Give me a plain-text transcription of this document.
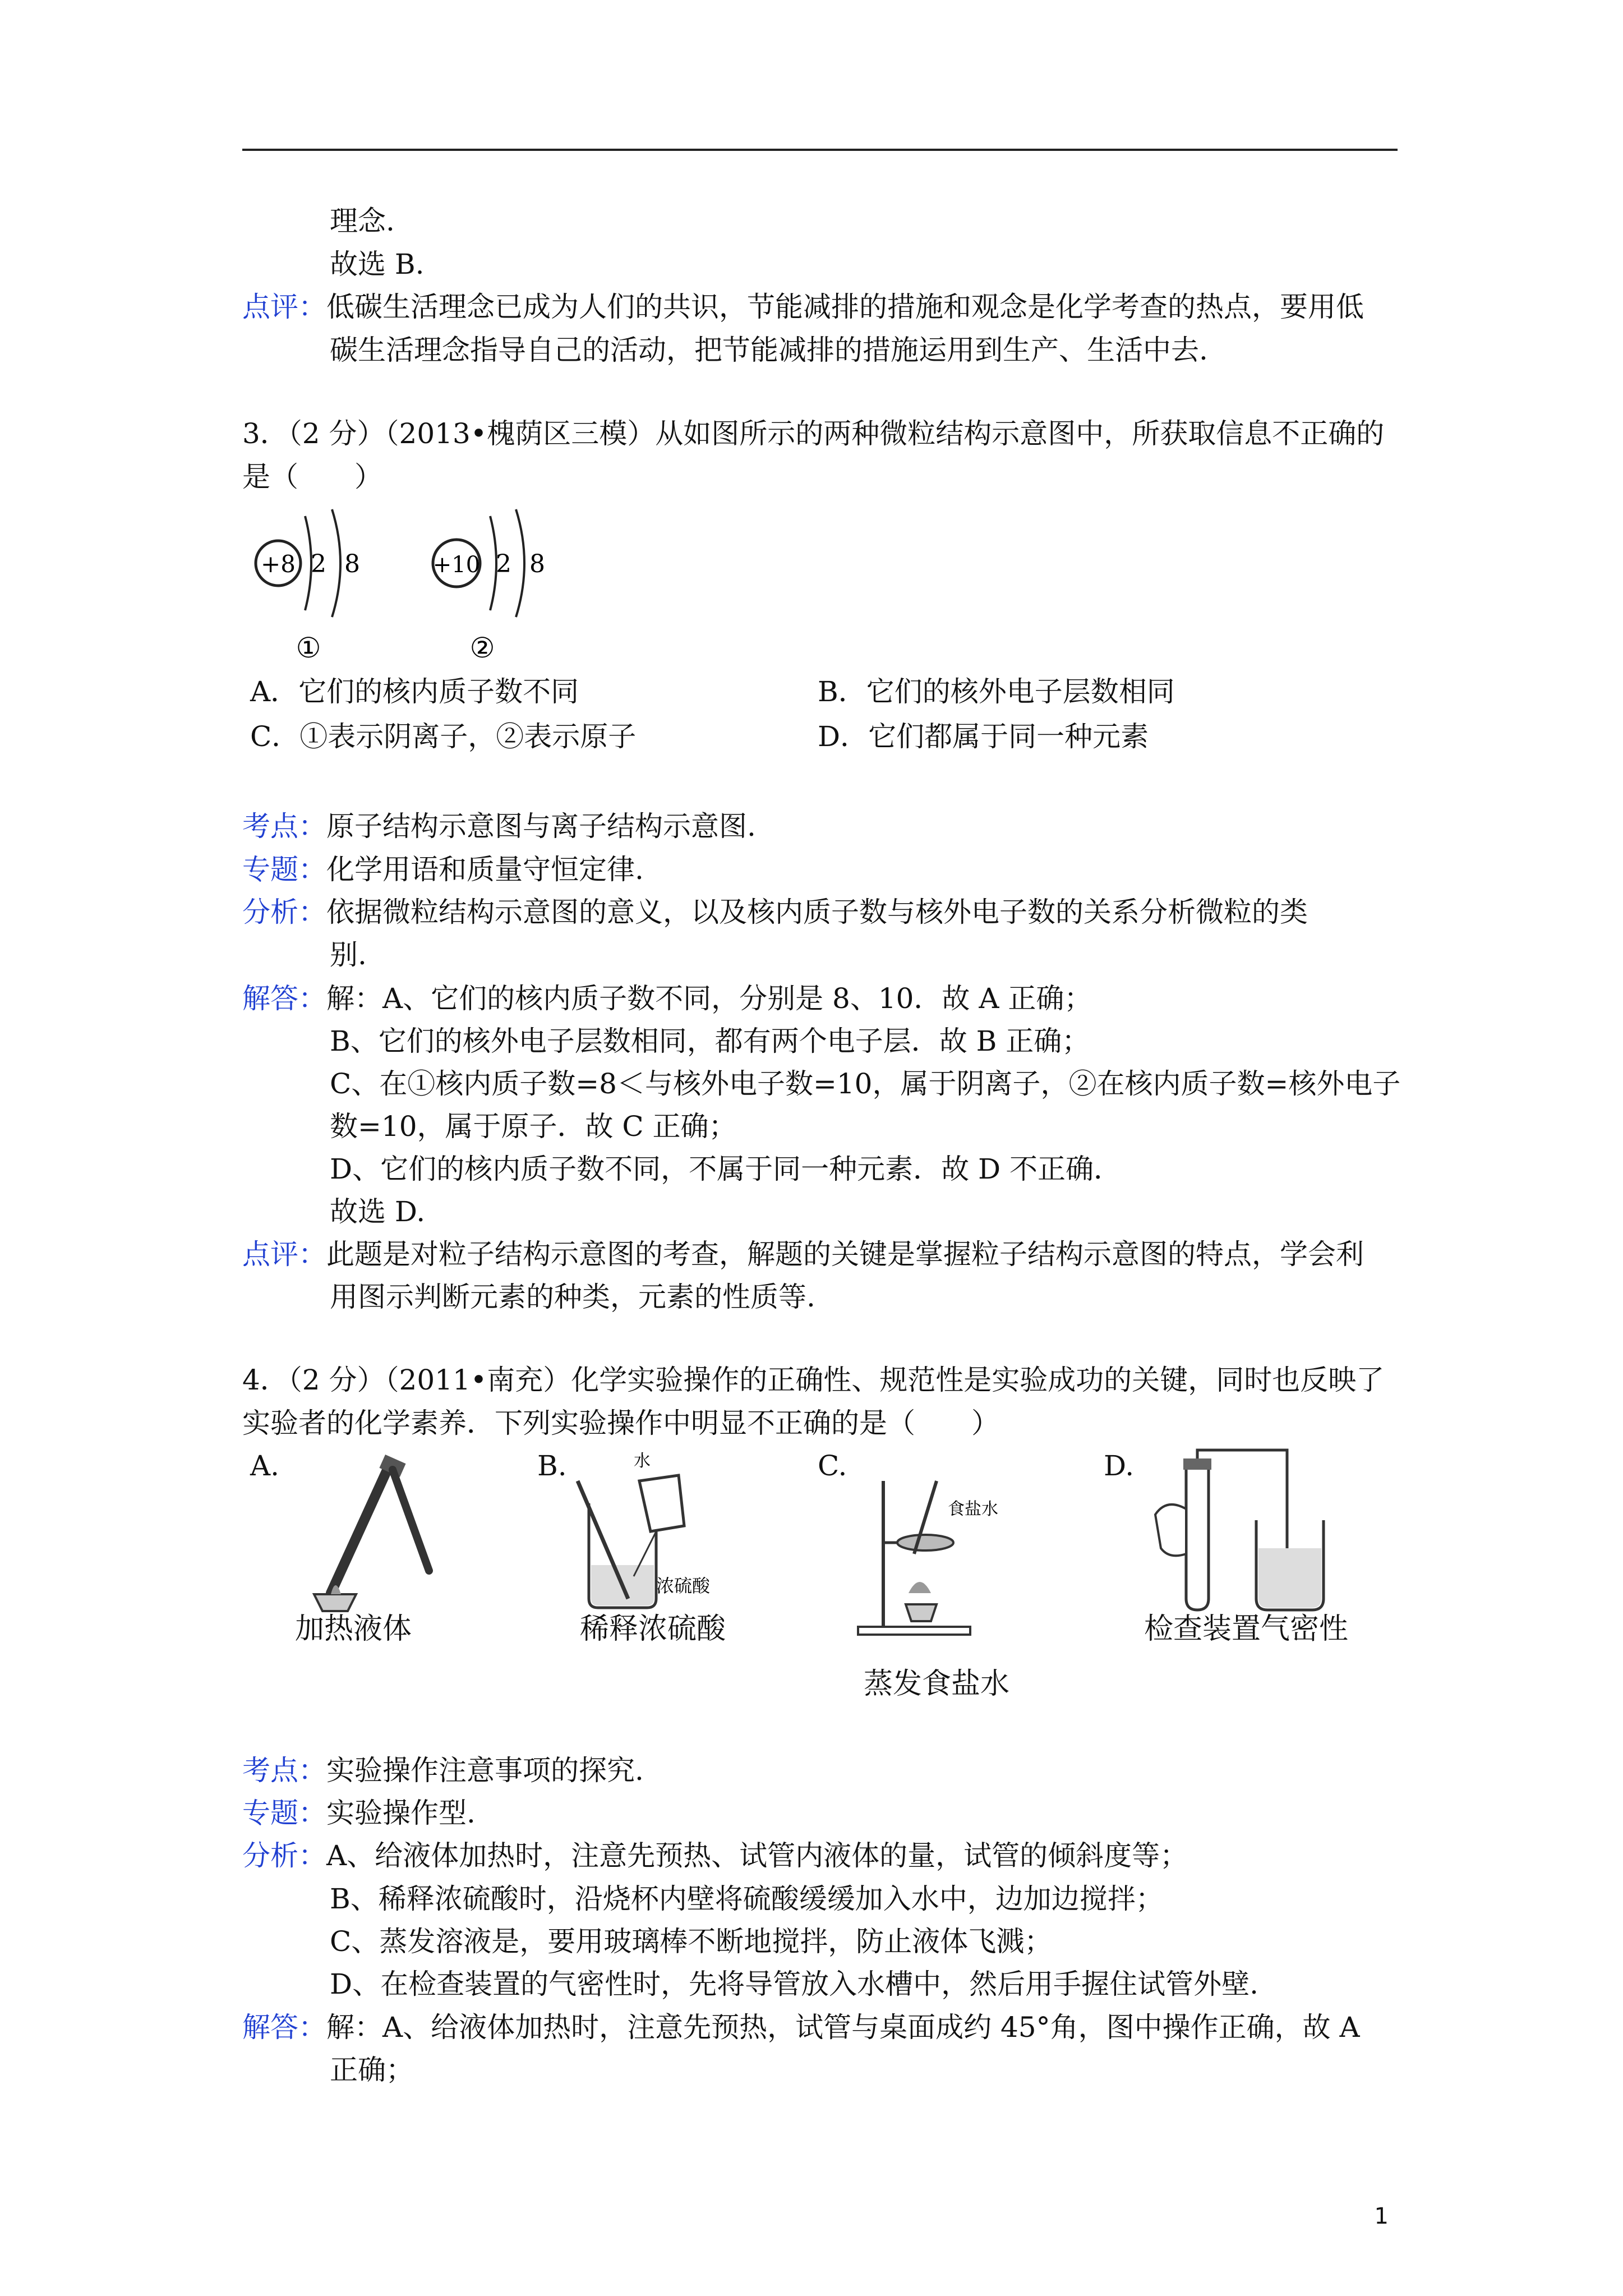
理念.
故选 B.
点评：低碳生活理念已成为人们的共识，节能减排的措施和观念是化学考查的热点，要用低
碳生活理念指导自己的活动，把节能减排的措施运用到生产、生活中去.
3．（2 分）（2013•槐荫区三模）从如图所示的两种微粒结构示意图中，所获取信息不正确的
是（　　）
+8 2 8
①
+10 2 8
②
A．它们的核内质子数不同	B．它们的核外电子层数相同
C．①表示阴离子，②表示原子	D．它们都属于同一种元素
考点：原子结构示意图与离子结构示意图.
专题：化学用语和质量守恒定律.
分析：依据微粒结构示意图的意义，以及核内质子数与核外电子数的关系分析微粒的类
别.
解答：解：A、它们的核内质子数不同，分别是 8、10．故 A 正确；
B、它们的核外电子层数相同，都有两个电子层．故 B 正确；
C、在①核内质子数=8＜与核外电子数=10，属于阴离子，②在核内质子数=核外电子
数=10，属于原子．故 C 正确；
D、它们的核内质子数不同，不属于同一种元素．故 D 不正确．
故选 D.
点评：此题是对粒子结构示意图的考查，解题的关键是掌握粒子结构示意图的特点，学会利
用图示判断元素的种类，元素的性质等.
4．（2 分）（2011•南充）化学实验操作的正确性、规范性是实验成功的关键，同时也反映了
实验者的化学素养．下列实验操作中明显不正确的是（　　）
A.	B.	C.	D.
加热液体
水
浓硫酸
稀释浓硫酸
食盐水
蒸发食盐水
检查装置气密性
考点：实验操作注意事项的探究.
专题：实验操作型.
分析：A、给液体加热时，注意先预热、试管内液体的量，试管的倾斜度等；
B、稀释浓硫酸时，沿烧杯内壁将硫酸缓缓加入水中，边加边搅拌；
C、蒸发溶液是，要用玻璃棒不断地搅拌，防止液体飞溅；
D、在检查装置的气密性时，先将导管放入水槽中，然后用手握住试管外壁.
解答：解：A、给液体加热时，注意先预热，试管与桌面成约 45°角，图中操作正确，故 A
正确；
1
